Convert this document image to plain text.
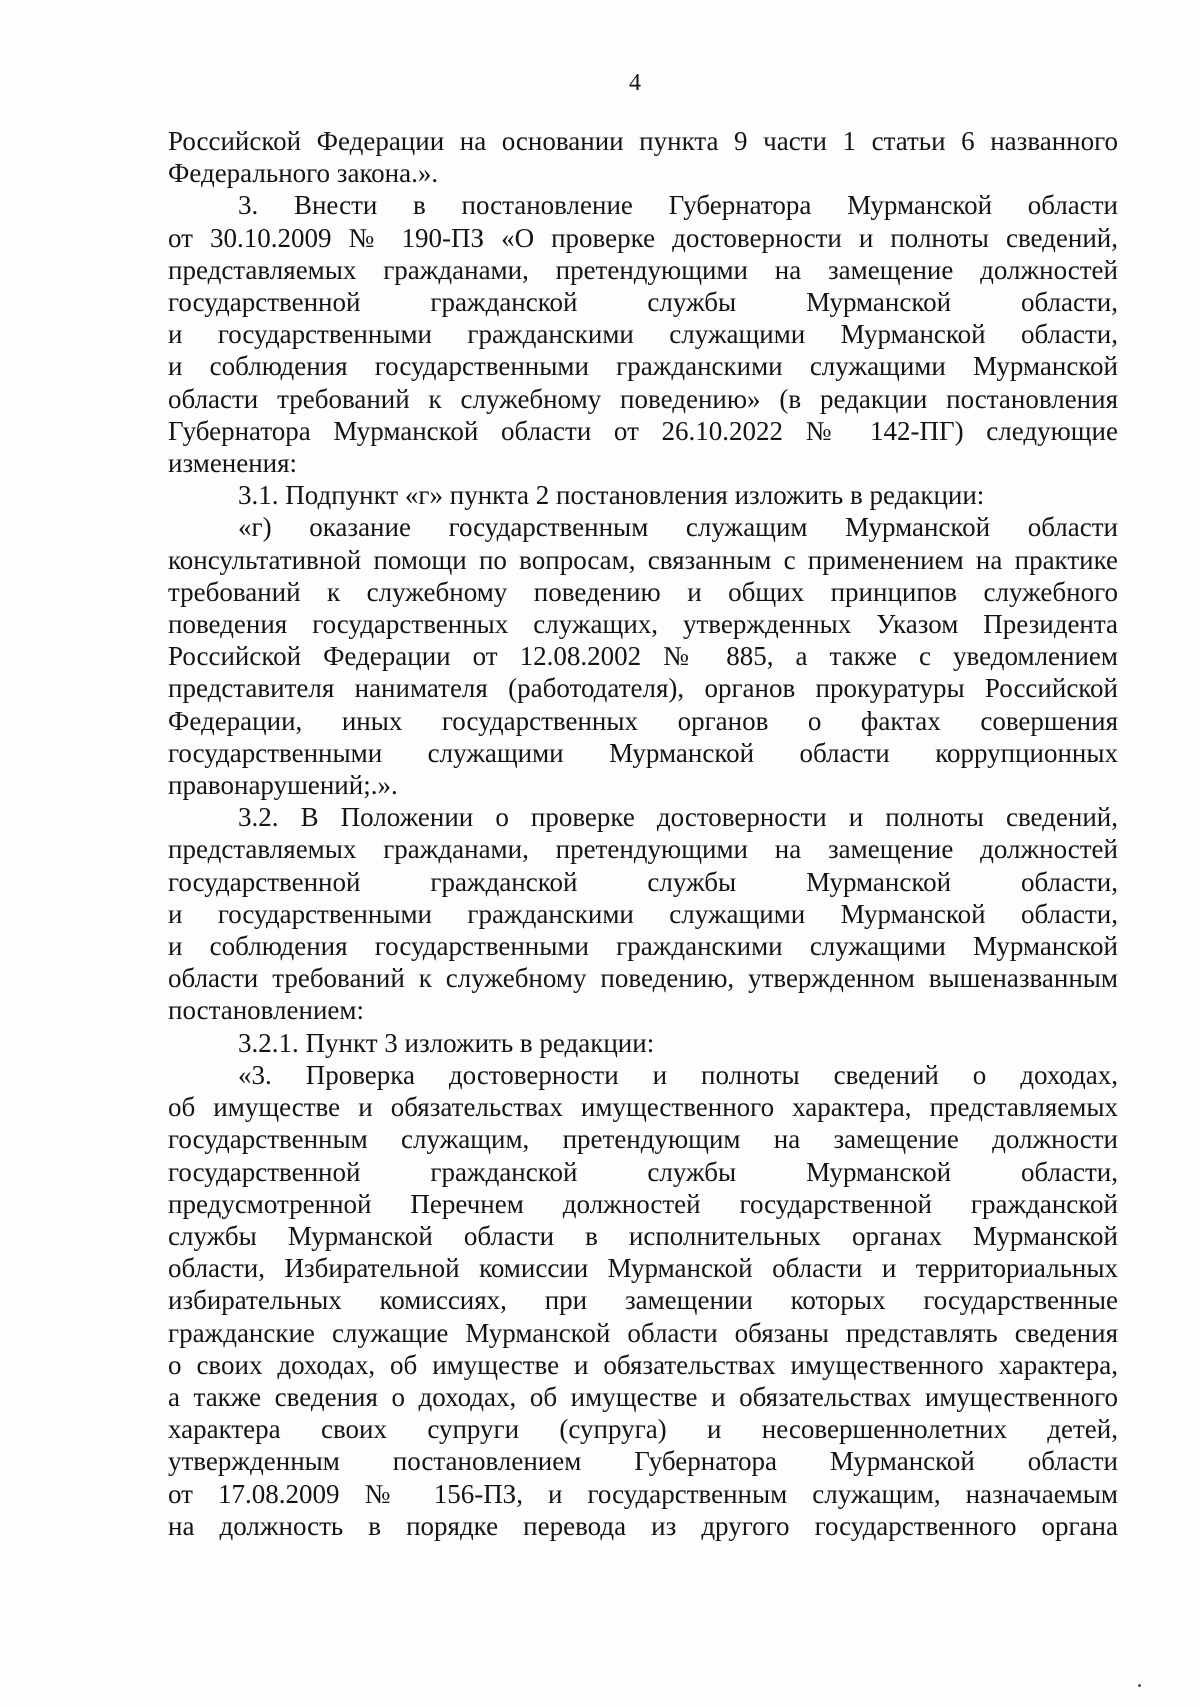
4
Российской Федерации на основании пункта 9 части 1 статьи 6 названного
Федерального закона.».
3. Внести в постановление Губернатора Мурманской области
от 30.10.2009 № 190-ПЗ «О проверке достоверности и полноты сведений,
представляемых гражданами, претендующими на замещение должностей
государственной гражданской службы Мурманской области,
и государственными гражданскими служащими Мурманской области,
и соблюдения государственными гражданскими служащими Мурманской
области требований к служебному поведению» (в редакции постановления
Губернатора Мурманской области от 26.10.2022 № 142-ПГ) следующие
изменения:
3.1. Подпункт «г» пункта 2 постановления изложить в редакции:
«г) оказание государственным служащим Мурманской области
консультативной помощи по вопросам, связанным с применением на практике
требований к служебному поведению и общих принципов служебного
поведения государственных служащих, утвержденных Указом Президента
Российской Федерации от 12.08.2002 № 885, а также с уведомлением
представителя нанимателя (работодателя), органов прокуратуры Российской
Федерации, иных государственных органов о фактах совершения
государственными служащими Мурманской области коррупционных
правонарушений;.».
3.2. В Положении о проверке достоверности и полноты сведений,
представляемых гражданами, претендующими на замещение должностей
государственной гражданской службы Мурманской области,
и государственными гражданскими служащими Мурманской области,
и соблюдения государственными гражданскими служащими Мурманской
области требований к служебному поведению, утвержденном вышеназванным
постановлением:
3.2.1. Пункт 3 изложить в редакции:
«3. Проверка достоверности и полноты сведений о доходах,
об имуществе и обязательствах имущественного характера, представляемых
государственным служащим, претендующим на замещение должности
государственной гражданской службы Мурманской области,
предусмотренной Перечнем должностей государственной гражданской
службы Мурманской области в исполнительных органах Мурманской
области, Избирательной комиссии Мурманской области и территориальных
избирательных комиссиях, при замещении которых государственные
гражданские служащие Мурманской области обязаны представлять сведения
о своих доходах, об имуществе и обязательствах имущественного характера,
а также сведения о доходах, об имуществе и обязательствах имущественного
характера своих супруги (супруга) и несовершеннолетних детей,
утвержденным постановлением Губернатора Мурманской области
от 17.08.2009 № 156-ПЗ, и государственным служащим, назначаемым
на должность в порядке перевода из другого государственного органа
